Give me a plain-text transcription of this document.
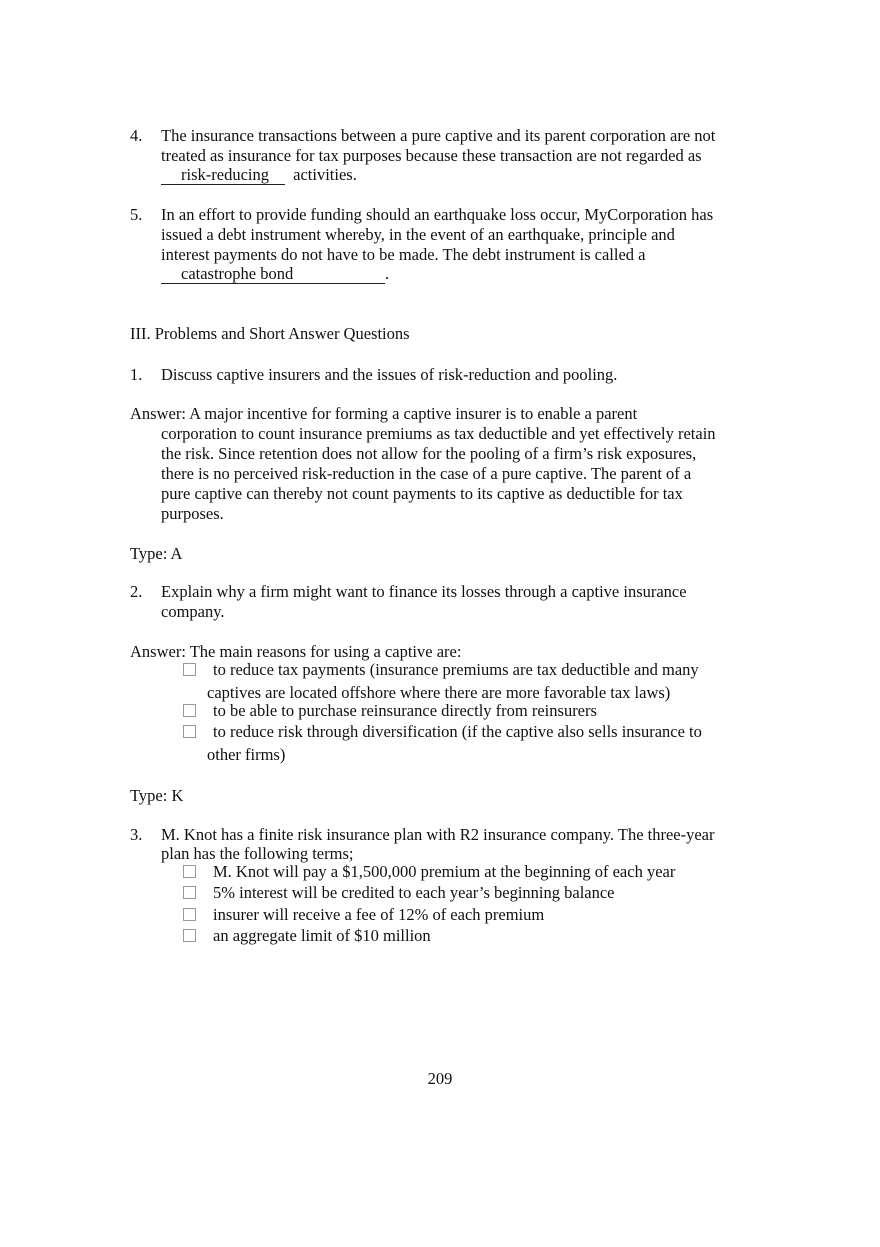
4. The insurance transactions between a pure captive and its parent corporation are not
treated as insurance for tax purposes because these transaction are not regarded as
risk-reducing activities.
5. In an effort to provide funding should an earthquake loss occur, MyCorporation has
issued a debt instrument whereby, in the event of an earthquake, principle and
interest payments do not have to be made. The debt instrument is called a
catastrophe bond	.
III. Problems and Short Answer Questions
1. Discuss captive insurers and the issues of risk-reduction and pooling.
Answer: A major incentive for forming a captive insurer is to enable a parent
corporation to count insurance premiums as tax deductible and yet effectively retain
the risk. Since retention does not allow for the pooling of a firm’s risk exposures,
there is no perceived risk-reduction in the case of a pure captive. The parent of a
pure captive can thereby not count payments to its captive as deductible for tax
purposes.
Type: A
2. Explain why a firm might want to finance its losses through a captive insurance
company.
Answer: The main reasons for using a captive are:
to reduce tax payments (insurance premiums are tax deductible and many
captives are located offshore where there are more favorable tax laws)
to be able to purchase reinsurance directly from reinsurers
to reduce risk through diversification (if the captive also sells insurance to
other firms)
Type: K
3. M. Knot has a finite risk insurance plan with R2 insurance company. The three-year
plan has the following terms;
M. Knot will pay a $1,500,000 premium at the beginning of each year
5% interest will be credited to each year’s beginning balance
insurer will receive a fee of 12% of each premium
an aggregate limit of $10 million
209
